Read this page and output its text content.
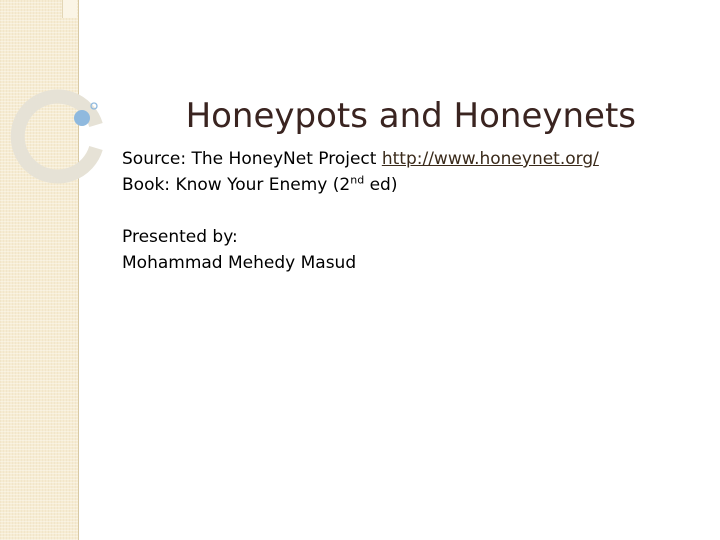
Honeypots and Honeynets
Source: The HoneyNet Project http://www.honeynet.org/
Book: Know Your Enemy (2nd ed)
Presented by:
Mohammad Mehedy Masud
